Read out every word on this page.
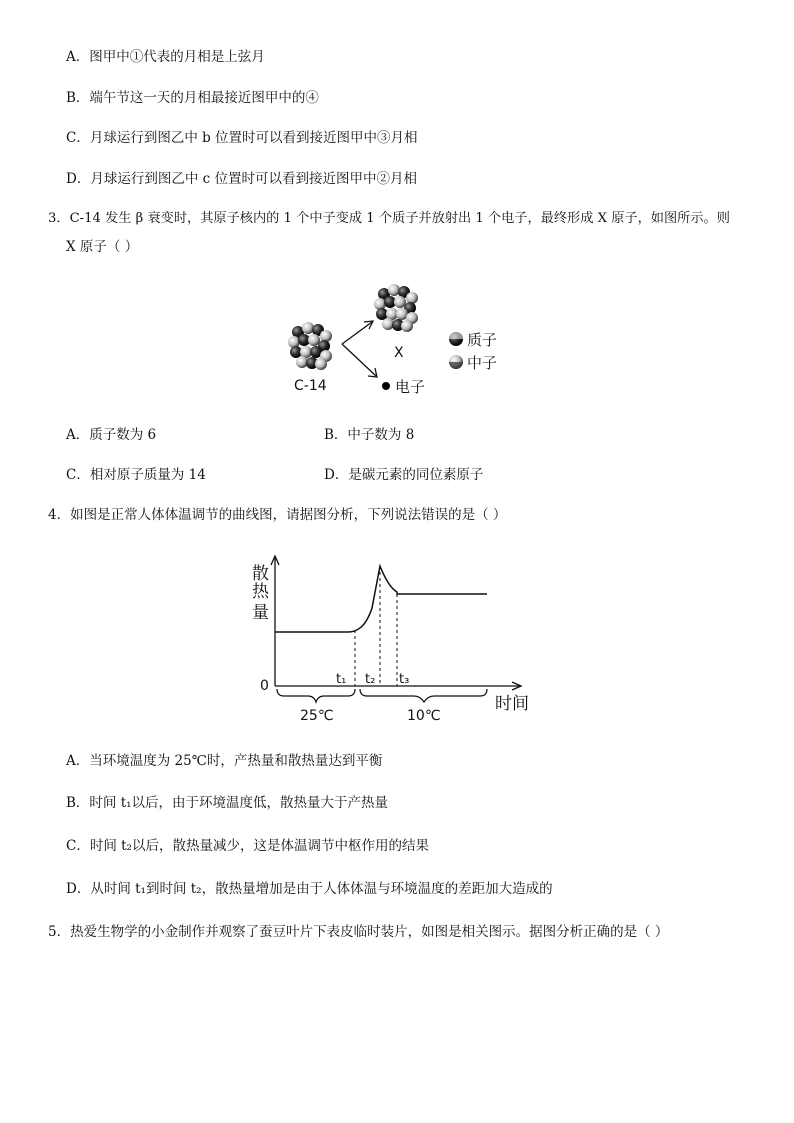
A．图甲中①代表的月相是上弦月
B．端午节这一天的月相最接近图甲中的④
C．月球运行到图乙中 b 位置时可以看到接近图甲中③月相
D．月球运行到图乙中 c 位置时可以看到接近图甲中②月相
3．C-14 发生 β 衰变时，其原子核内的 1 个中子变成 1 个质子并放射出 1 个电子，最终形成 X 原子，如图所示。则
X 原子（ ）
C-14
X
电子
质子
中子
A．质子数为 6	B．中子数为 8
C．相对原子质量为 14	D．是碳元素的同位素原子
4．如图是正常人体体温调节的曲线图，请据图分析，下列说法错误的是（ ）
散
热
量
0
时间
t₁ t₂ t₃
25℃	10℃
A．当环境温度为 25℃时，产热量和散热量达到平衡
B．时间 t₁以后，由于环境温度低，散热量大于产热量
C．时间 t₂以后，散热量减少，这是体温调节中枢作用的结果
D．从时间 t₁到时间 t₂，散热量增加是由于人体体温与环境温度的差距加大造成的
5．热爱生物学的小金制作并观察了蚕豆叶片下表皮临时装片，如图是相关图示。据图分析正确的是（ ）
